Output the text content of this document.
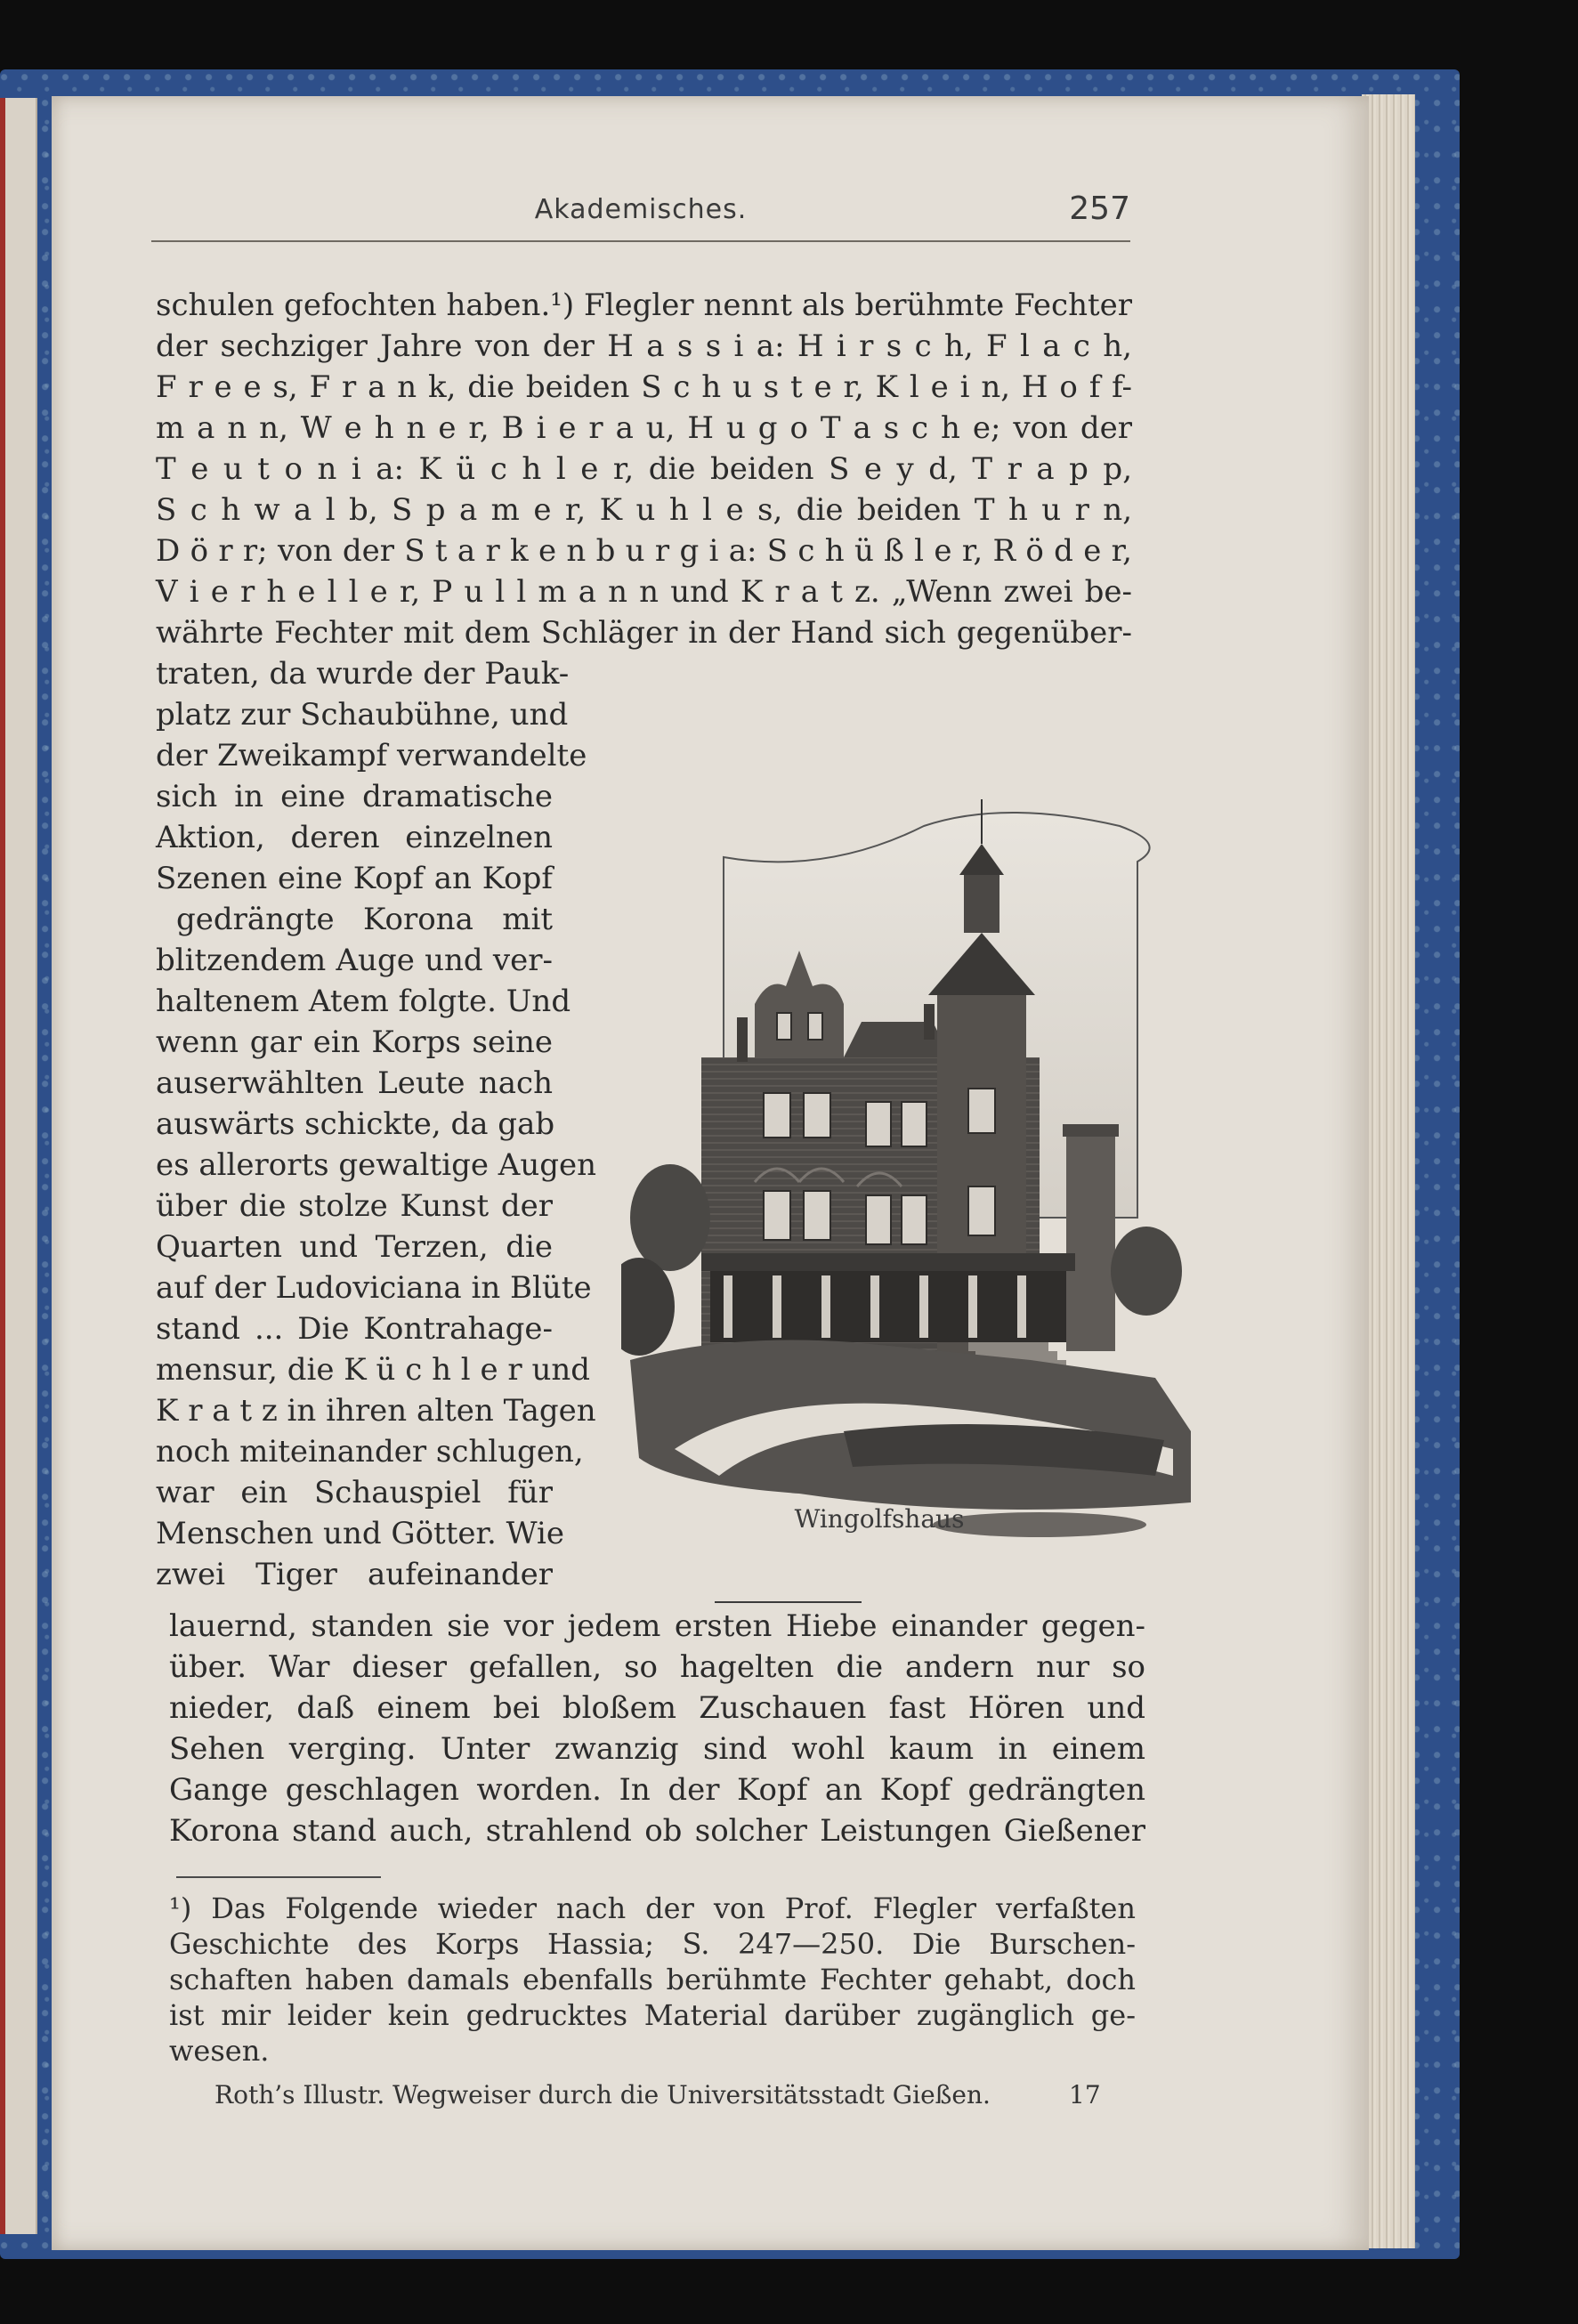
Akademisches.	257
schulen gefochten haben.¹) Flegler nennt als berühmte Fechter
der sechziger Jahre von der H a s s i a: H i r s c h, F l a c h,
F r e e s, F r a n k, die beiden S c h u s t e r, K l e i n, H o f f-
m a n n, W e h n e r, B i e r a u, H u g o T a s c h e; von der
T e u t o n i a: K ü c h l e r, die beiden S e y d, T r a p p,
S c h w a l b, S p a m e r, K u h l e s, die beiden T h u r n,
D ö r r; von der S t a r k e n b u r g i a: S c h ü ß l e r, R ö d e r,
V i e r h e l l e r, P u l l m a n n und K r a t z. „Wenn zwei be-
währte Fechter mit dem Schläger in der Hand sich gegenüber-
traten, da wurde der Pauk-
platz zur Schaubühne, und
der Zweikampf verwandelte
sich in eine dramatische
Aktion, deren einzelnen
Szenen eine Kopf an Kopf
gedrängte Korona mit
blitzendem Auge und ver-
haltenem Atem folgte. Und
wenn gar ein Korps seine
auserwählten Leute nach
auswärts schickte, da gab
es allerorts gewaltige Augen
über die stolze Kunst der
Quarten und Terzen, die
auf der Ludoviciana in Blüte
stand ... Die Kontrahage-
mensur, die K ü c h l e r und
K r a t z in ihren alten Tagen
noch miteinander schlugen,
war ein Schauspiel für
Menschen und Götter. Wie
zwei Tiger aufeinander
lauernd, standen sie vor jedem ersten Hiebe einander gegen-
über. War dieser gefallen, so hagelten die andern nur so
nieder, daß einem bei bloßem Zuschauen fast Hören und
Sehen verging. Unter zwanzig sind wohl kaum in einem
Gange geschlagen worden. In der Kopf an Kopf gedrängten
Korona stand auch, strahlend ob solcher Leistungen Gießener
Wingolfshaus
¹) Das Folgende wieder nach der von Prof. Flegler verfaßten
Geschichte des Korps Hassia; S. 247—250. Die Burschen-
schaften haben damals ebenfalls berühmte Fechter gehabt, doch
ist mir leider kein gedrucktes Material darüber zugänglich ge-
wesen.
Roth’s Illustr. Wegweiser durch die Universitätsstadt Gießen.	17
